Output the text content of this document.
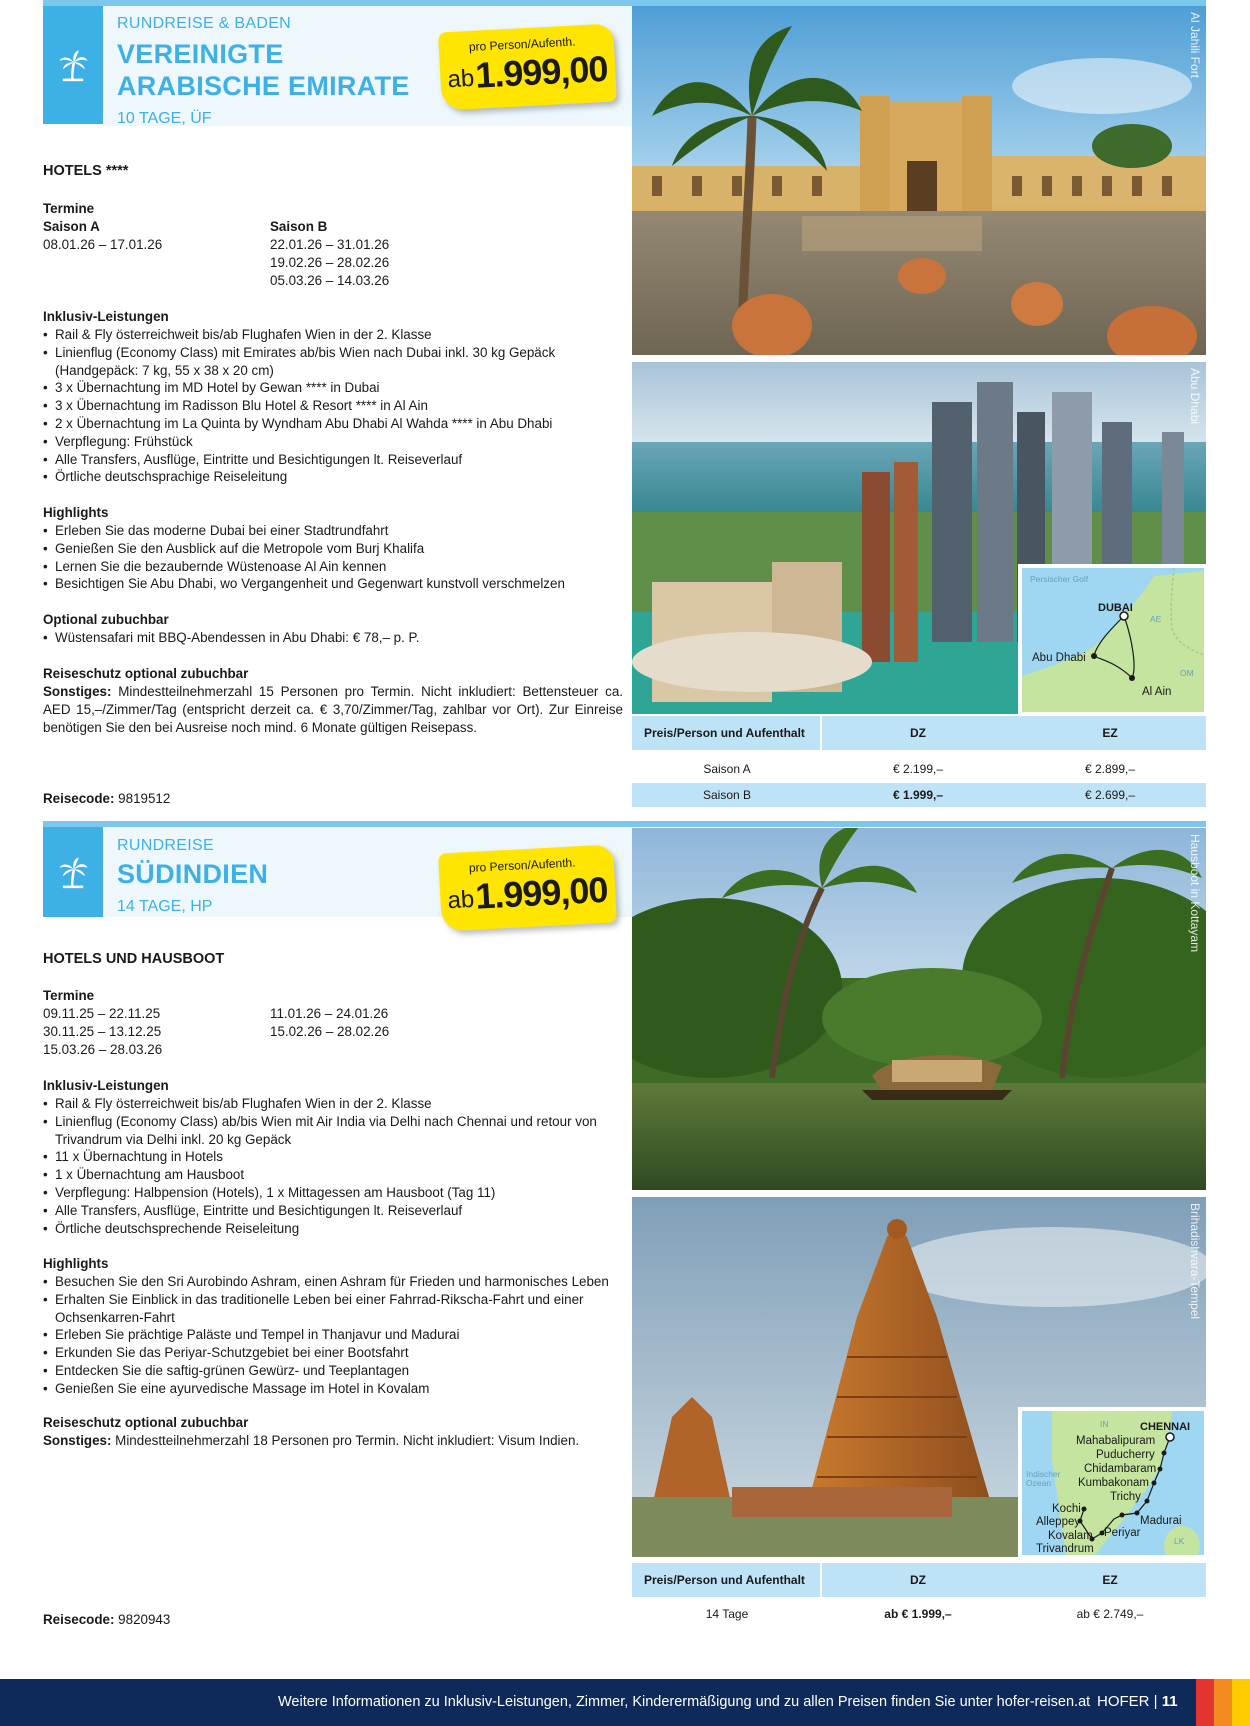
RUNDREISE & BADEN
VEREINIGTE
ARABISCHE EMIRATE
10 TAGE, ÜF
pro Person/Aufenth.
ab 1.999,00
HOTELS ****
Termine
Saison A
08.01.26 – 17.01.26
Saison B
22.01.26 – 31.01.26
19.02.26 – 28.02.26
05.03.26 – 14.03.26
Inklusiv-Leistungen
• Rail & Fly österreichweit bis/ab Flughafen Wien in der 2. Klasse
• Linienflug (Economy Class) mit Emirates ab/bis Wien nach Dubai inkl. 30 kg Gepäck (Handgepäck: 7 kg, 55 x 38 x 20 cm)
• 3 x Übernachtung im MD Hotel by Gewan **** in Dubai
• 3 x Übernachtung im Radisson Blu Hotel & Resort **** in Al Ain
• 2 x Übernachtung im La Quinta by Wyndham Abu Dhabi Al Wahda **** in Abu Dhabi
• Verpflegung: Frühstück
• Alle Transfers, Ausflüge, Eintritte und Besichtigungen lt. Reiseverlauf
• Örtliche deutschsprachige Reiseleitung
Highlights
• Erleben Sie das moderne Dubai bei einer Stadtrundfahrt
• Genießen Sie den Ausblick auf die Metropole vom Burj Khalifa
• Lernen Sie die bezaubernde Wüstenoase Al Ain kennen
• Besichtigen Sie Abu Dhabi, wo Vergangenheit und Gegenwart kunstvoll verschmelzen
Optional zubuchbar
• Wüstensafari mit BBQ-Abendessen in Abu Dhabi: € 78,– p. P.
Reiseschutz optional zubuchbar
Sonstiges: Mindestteilnehmerzahl 15 Personen pro Termin. Nicht inkludiert: Bettensteuer ca. AED 15,–/Zimmer/Tag (entspricht derzeit ca. € 3,70/Zimmer/Tag, zahlbar vor Ort). Zur Einreise benötigen Sie den bei Ausreise noch mind. 6 Monate gültigen Reisepass.
Reisecode: 9819512
Al Jahili Fort
Abu Dhabi
Persischer Golf
DUBAI
Abu Dhabi
Al Ain
AE
OM
Preis/Person und Aufenthalt	DZ	EZ
Saison A	€ 2.199,–	€ 2.899,–
Saison B	€ 1.999,–	€ 2.699,–
RUNDREISE
SÜDINDIEN
14 TAGE, HP
pro Person/Aufenth.
ab 1.999,00
HOTELS UND HAUSBOOT
Termine
09.11.25 – 22.11.25
30.11.25 – 13.12.25
15.03.26 – 28.03.26
11.01.26 – 24.01.26
15.02.26 – 28.02.26
Inklusiv-Leistungen
• Rail & Fly österreichweit bis/ab Flughafen Wien in der 2. Klasse
• Linienflug (Economy Class) ab/bis Wien mit Air India via Delhi nach Chennai und retour von Trivandrum via Delhi inkl. 20 kg Gepäck
• 11 x Übernachtung in Hotels
• 1 x Übernachtung am Hausboot
• Verpflegung: Halbpension (Hotels), 1 x Mittagessen am Hausboot (Tag 11)
• Alle Transfers, Ausflüge, Eintritte und Besichtigungen lt. Reiseverlauf
• Örtliche deutschsprechende Reiseleitung
Highlights
• Besuchen Sie den Sri Aurobindo Ashram, einen Ashram für Frieden und harmonisches Leben
• Erhalten Sie Einblick in das traditionelle Leben bei einer Fahrrad-Rikscha-Fahrt und einer Ochsenkarren-Fahrt
• Erleben Sie prächtige Paläste und Tempel in Thanjavur und Madurai
• Erkunden Sie das Periyar-Schutzgebiet bei einer Bootsfahrt
• Entdecken Sie die saftig-grünen Gewürz- und Teeplantagen
• Genießen Sie eine ayurvedische Massage im Hotel in Kovalam
Reiseschutz optional zubuchbar
Sonstiges: Mindestteilnehmerzahl 18 Personen pro Termin. Nicht inkludiert: Visum Indien.
Reisecode: 9820943
Hausboot in Kottayam
Brihadishvara-Tempel
IN
Indischer
Ozean
LK
CHENNAI
Mahabalipuram
Puducherry
Chidambaram
Kumbakonam
Trichy
Kochi
Alleppey	Madurai
Periyar
Kovalam
Trivandrum
Preis/Person und Aufenthalt	DZ	EZ
14 Tage	ab € 1.999,–	ab € 2.749,–
Weitere Informationen zu Inklusiv-Leistungen, Zimmer, Kinderermäßigung und zu allen Preisen finden Sie unter hofer-reisen.at HOFER | 11
